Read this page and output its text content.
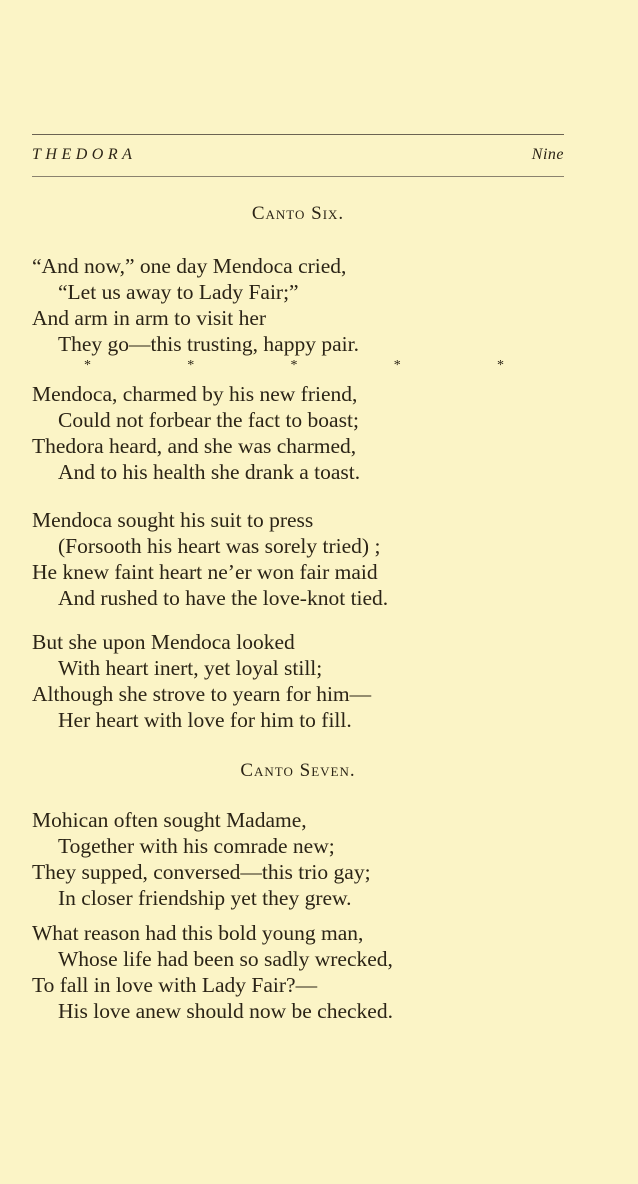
THEDORA	Nine
Canto Six.
“And now,” one day Mendoca cried,
“Let us away to Lady Fair;”
And arm in arm to visit her
They go—this trusting, happy pair.
*	*	*	*	*
Mendoca, charmed by his new friend,
Could not forbear the fact to boast;
Thedora heard, and she was charmed,
And to his health she drank a toast.
Mendoca sought his suit to press
(Forsooth his heart was sorely tried) ;
He knew faint heart ne’er won fair maid
And rushed to have the love-knot tied.
But she upon Mendoca looked
With heart inert, yet loyal still;
Although she strove to yearn for him—
Her heart with love for him to fill.
Canto Seven.
Mohican often sought Madame,
Together with his comrade new;
They supped, conversed—this trio gay;
In closer friendship yet they grew.
What reason had this bold young man,
Whose life had been so sadly wrecked,
To fall in love with Lady Fair?—
His love anew should now be checked.
